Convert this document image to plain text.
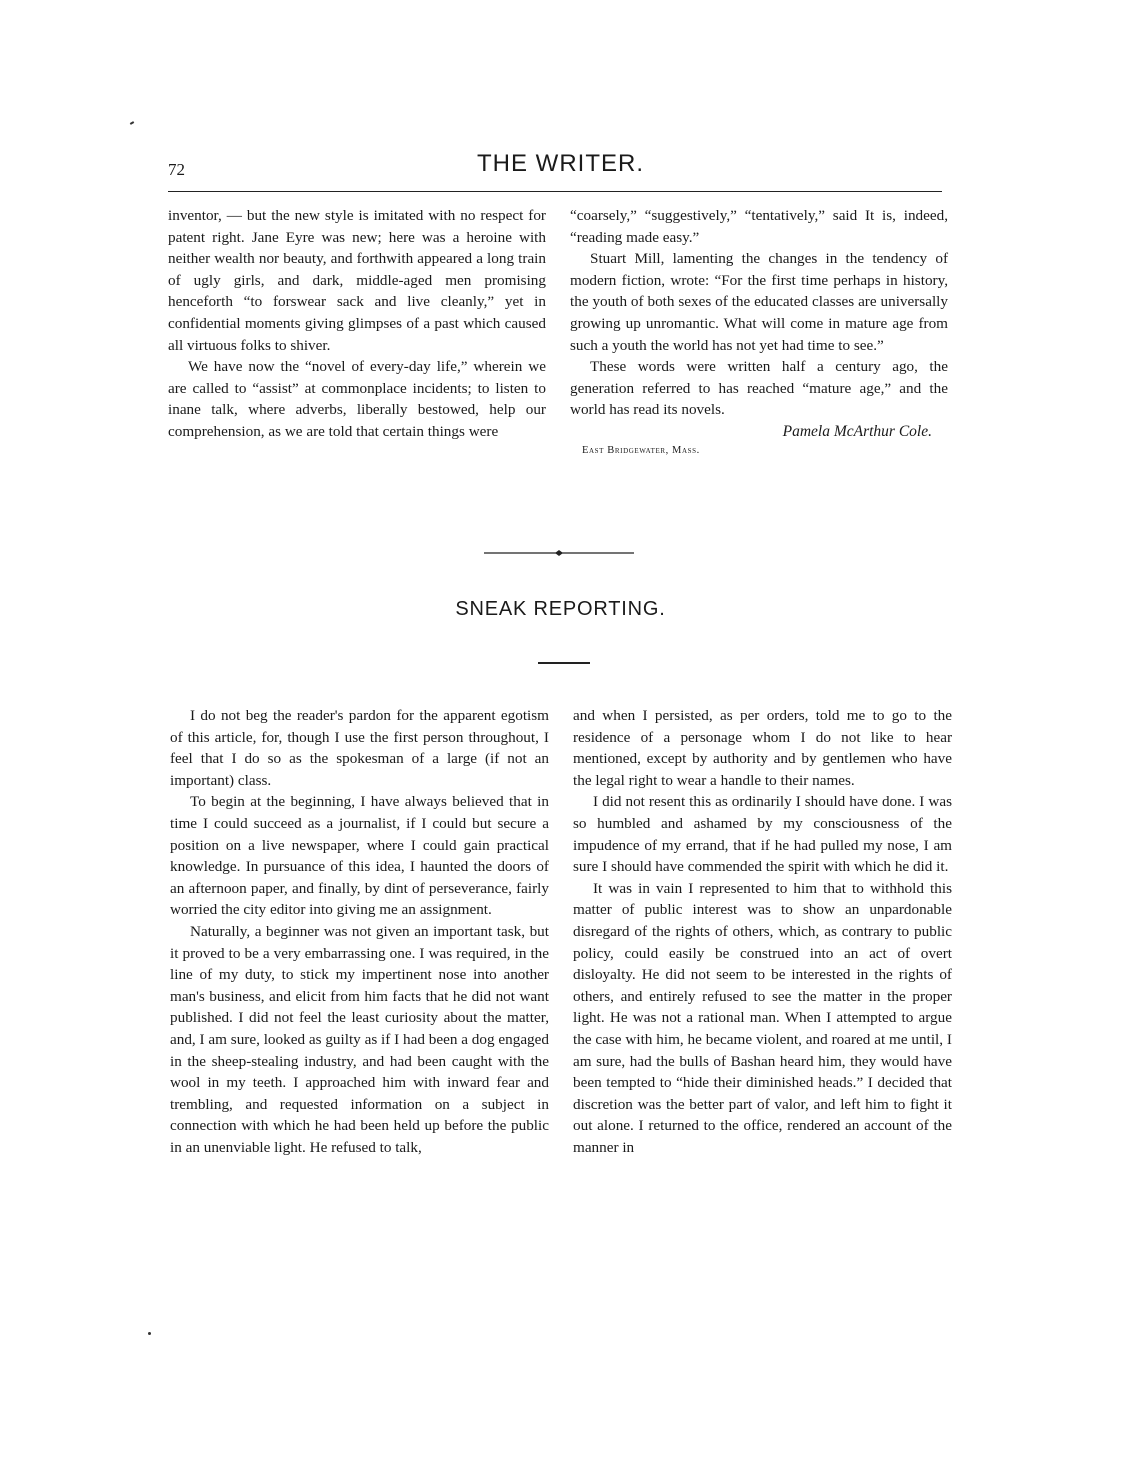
72	THE WRITER.

inventor, — but the new style is imitated with no respect for patent right. Jane Eyre was new; here was a heroine with neither wealth nor beauty, and forthwith appeared a long train of ugly girls, and dark, middle-aged men promising henceforth “to forswear sack and live cleanly,” yet in confidential moments giving glimpses of a past which caused all virtuous folks to shiver.

We have now the “novel of every-day life,” wherein we are called to “assist” at commonplace incidents; to listen to inane talk, where adverbs, liberally bestowed, help our comprehension, as we are told that certain things were

“coarsely,” “suggestively,” “tentatively,” said It is, indeed, “reading made easy.”

Stuart Mill, lamenting the changes in the tendency of modern fiction, wrote: “For the first time perhaps in history, the youth of both sexes of the educated classes are universally growing up unromantic. What will come in mature age from such a youth the world has not yet had time to see.”

These words were written half a century ago, the generation referred to has reached “mature age,” and the world has read its novels.

Pamela McArthur Cole.
East Bridgewater, Mass.
SNEAK REPORTING.

I do not beg the reader's pardon for the apparent egotism of this article, for, though I use the first person throughout, I feel that I do so as the spokesman of a large (if not an important) class.

To begin at the beginning, I have always believed that in time I could succeed as a journalist, if I could but secure a position on a live newspaper, where I could gain practical knowledge. In pursuance of this idea, I haunted the doors of an afternoon paper, and finally, by dint of perseverance, fairly worried the city editor into giving me an assignment.

Naturally, a beginner was not given an important task, but it proved to be a very embarrassing one. I was required, in the line of my duty, to stick my impertinent nose into another man's business, and elicit from him facts that he did not want published. I did not feel the least curiosity about the matter, and, I am sure, looked as guilty as if I had been a dog engaged in the sheep-stealing industry, and had been caught with the wool in my teeth. I approached him with inward fear and trembling, and requested information on a subject in connection with which he had been held up before the public in an unenviable light. He refused to talk,

and when I persisted, as per orders, told me to go to the residence of a personage whom I do not like to hear mentioned, except by authority and by gentlemen who have the legal right to wear a handle to their names.

I did not resent this as ordinarily I should have done. I was so humbled and ashamed by my consciousness of the impudence of my errand, that if he had pulled my nose, I am sure I should have commended the spirit with which he did it.

It was in vain I represented to him that to withhold this matter of public interest was to show an unpardonable disregard of the rights of others, which, as contrary to public policy, could easily be construed into an act of overt disloyalty. He did not seem to be interested in the rights of others, and entirely refused to see the matter in the proper light. He was not a rational man. When I attempted to argue the case with him, he became violent, and roared at me until, I am sure, had the bulls of Bashan heard him, they would have been tempted to “hide their diminished heads.” I decided that discretion was the better part of valor, and left him to fight it out alone. I returned to the office, rendered an account of the manner in
